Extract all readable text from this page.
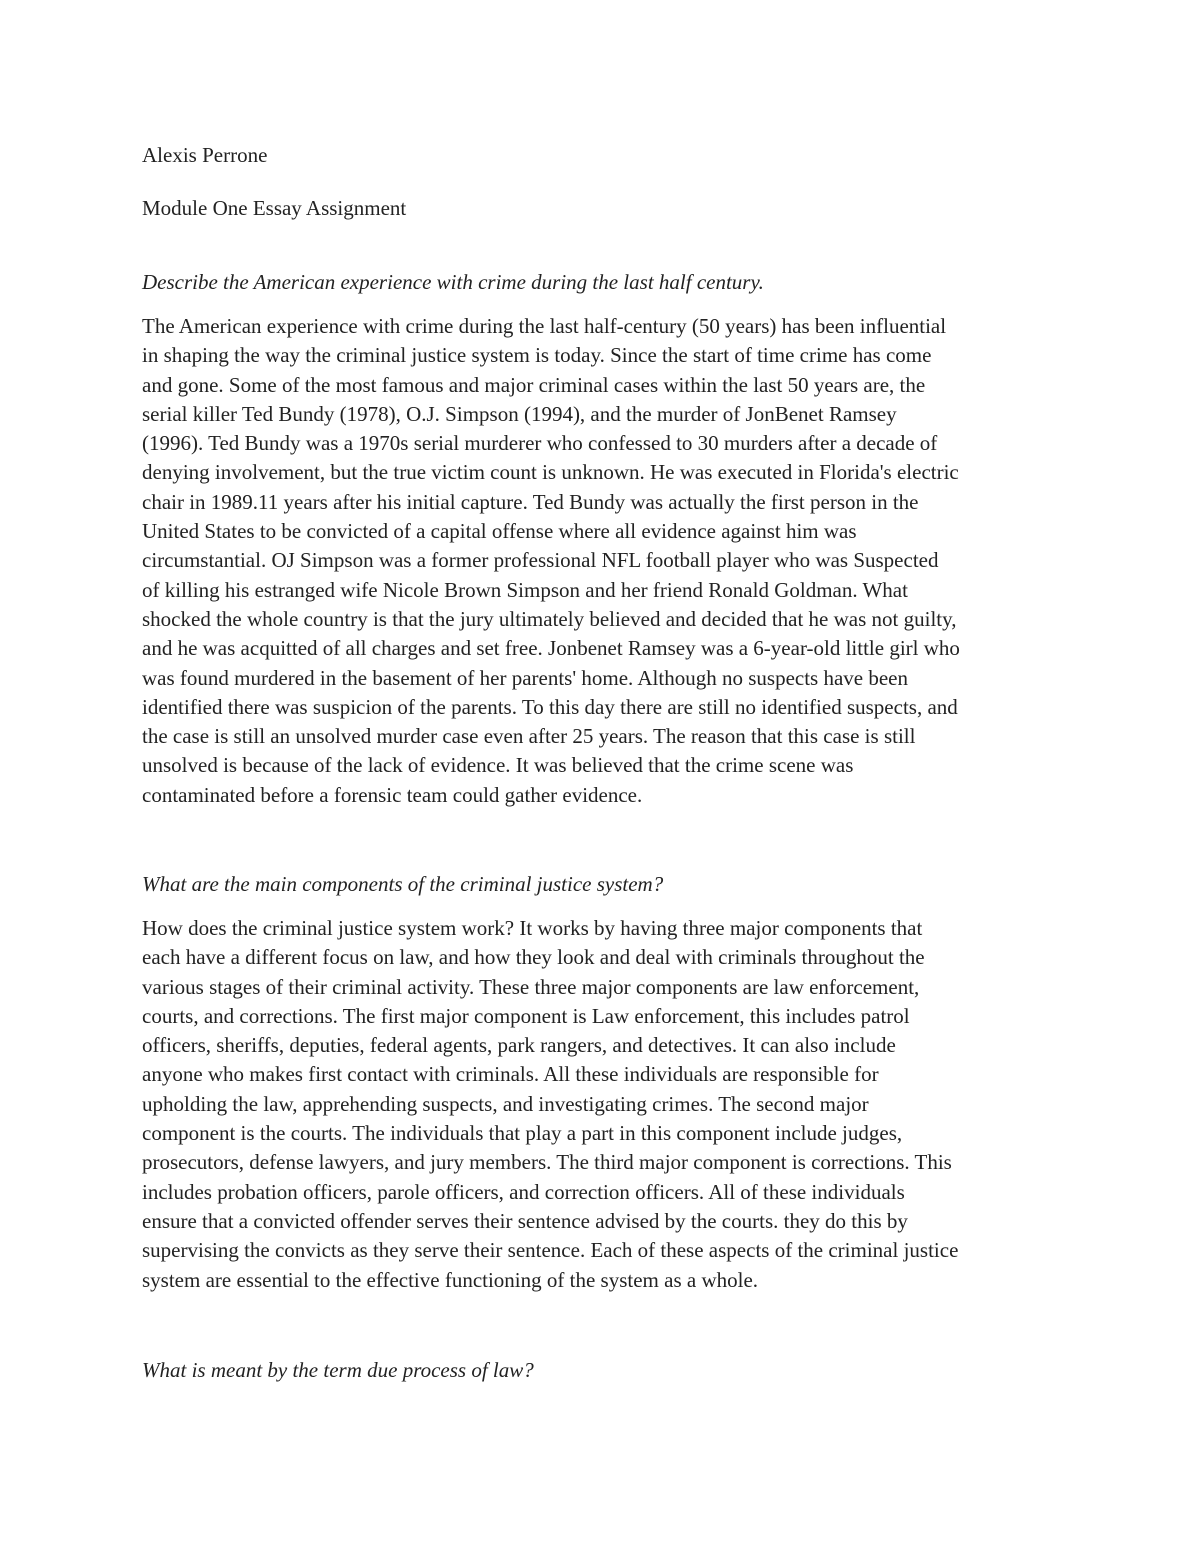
Alexis Perrone

Module One Essay Assignment

Describe the American experience with crime during the last half century.

The American experience with crime during the last half-century (50 years) has been influential
in shaping the way the criminal justice system is today. Since the start of time crime has come
and gone. Some of the most famous and major criminal cases within the last 50 years are, the
serial killer Ted Bundy (1978), O.J. Simpson (1994), and the murder of JonBenet Ramsey
(1996). Ted Bundy was a 1970s serial murderer who confessed to 30 murders after a decade of
denying involvement, but the true victim count is unknown. He was executed in Florida's electric
chair in 1989.11 years after his initial capture. Ted Bundy was actually the first person in the
United States to be convicted of a capital offense where all evidence against him was
circumstantial. OJ Simpson was a former professional NFL football player who was Suspected
of killing his estranged wife Nicole Brown Simpson and her friend Ronald Goldman. What
shocked the whole country is that the jury ultimately believed and decided that he was not guilty,
and he was acquitted of all charges and set free. Jonbenet Ramsey was a 6-year-old little girl who
was found murdered in the basement of her parents' home. Although no suspects have been
identified there was suspicion of the parents. To this day there are still no identified suspects, and
the case is still an unsolved murder case even after 25 years. The reason that this case is still
unsolved is because of the lack of evidence. It was believed that the crime scene was
contaminated before a forensic team could gather evidence.

What are the main components of the criminal justice system?

How does the criminal justice system work? It works by having three major components that
each have a different focus on law, and how they look and deal with criminals throughout the
various stages of their criminal activity. These three major components are law enforcement,
courts, and corrections. The first major component is Law enforcement, this includes patrol
officers, sheriffs, deputies, federal agents, park rangers, and detectives. It can also include
anyone who makes first contact with criminals. All these individuals are responsible for
upholding the law, apprehending suspects, and investigating crimes. The second major
component is the courts. The individuals that play a part in this component include judges,
prosecutors, defense lawyers, and jury members. The third major component is corrections. This
includes probation officers, parole officers, and correction officers. All of these individuals
ensure that a convicted offender serves their sentence advised by the courts. they do this by
supervising the convicts as they serve their sentence. Each of these aspects of the criminal justice
system are essential to the effective functioning of the system as a whole.

What is meant by the term due process of law?
